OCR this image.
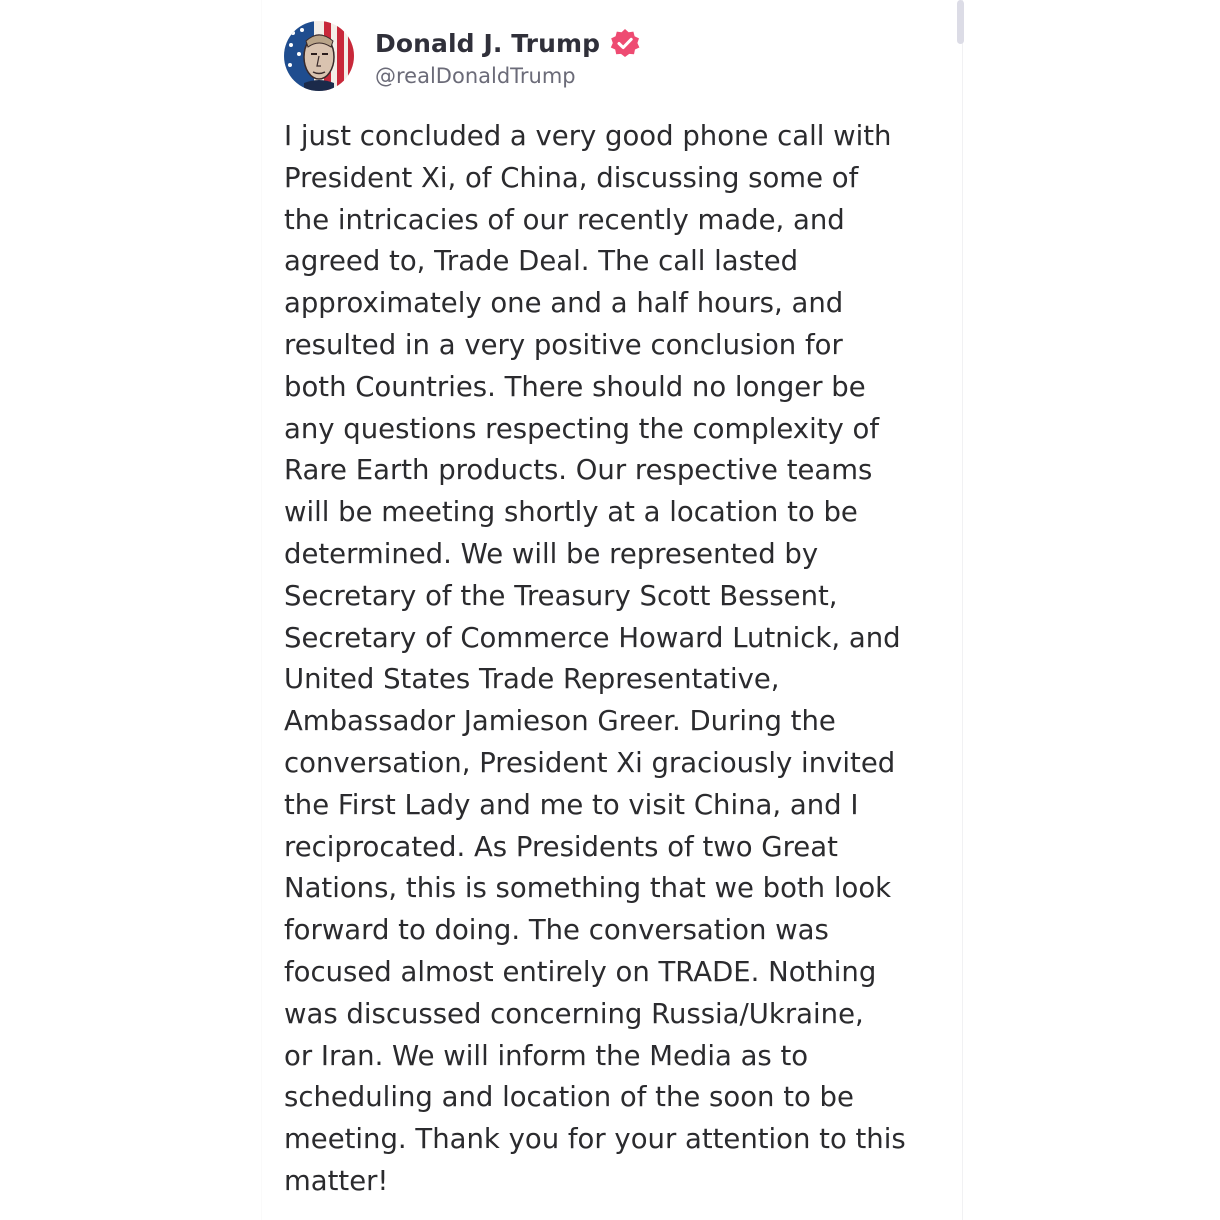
Donald J. Trump
@realDonaldTrump

I just concluded a very good phone call with
President Xi, of China, discussing some of
the intricacies of our recently made, and
agreed to, Trade Deal. The call lasted
approximately one and a half hours, and
resulted in a very positive conclusion for
both Countries. There should no longer be
any questions respecting the complexity of
Rare Earth products. Our respective teams
will be meeting shortly at a location to be
determined. We will be represented by
Secretary of the Treasury Scott Bessent,
Secretary of Commerce Howard Lutnick, and
United States Trade Representative,
Ambassador Jamieson Greer. During the
conversation, President Xi graciously invited
the First Lady and me to visit China, and I
reciprocated. As Presidents of two Great
Nations, this is something that we both look
forward to doing. The conversation was
focused almost entirely on TRADE. Nothing
was discussed concerning Russia/Ukraine,
or Iran. We will inform the Media as to
scheduling and location of the soon to be
meeting. Thank you for your attention to this
matter!
